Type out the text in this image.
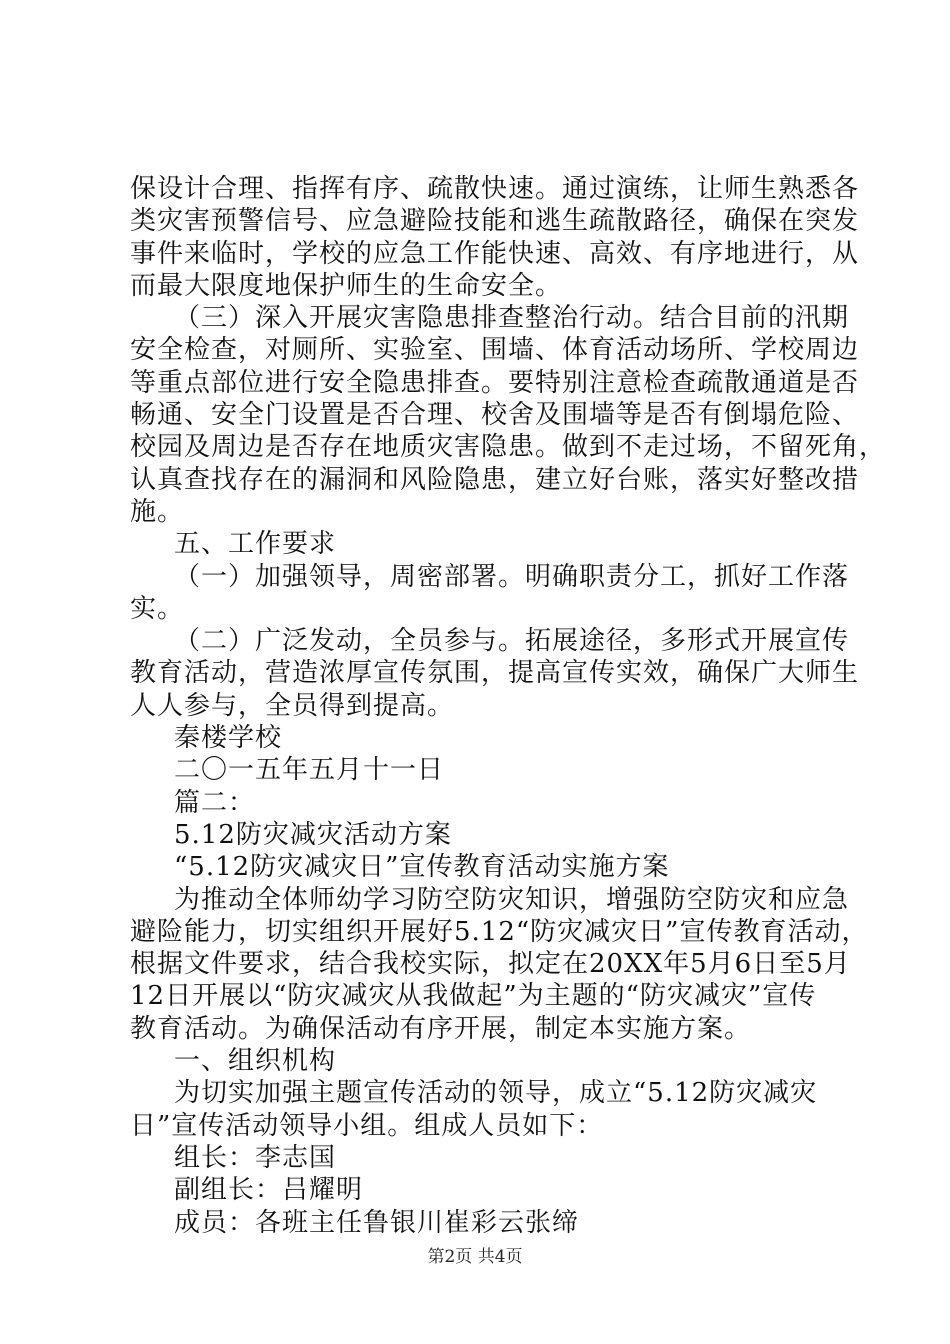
保设计合理、指挥有序、疏散快速。通过演练，让师生熟悉各

类灾害预警信号、应急避险技能和逃生疏散路径，确保在突发

事件来临时，学校的应急工作能快速、高效、有序地进行，从

而最大限度地保护师生的生命安全。

（三）深入开展灾害隐患排查整治行动。结合目前的汛期

安全检查，对厕所、实验室、围墙、体育活动场所、学校周边

等重点部位进行安全隐患排查。要特别注意检查疏散通道是否

畅通、安全门设置是否合理、校舍及围墙等是否有倒塌危险、

校园及周边是否存在地质灾害隐患。做到不走过场，不留死角，

认真查找存在的漏洞和风险隐患，建立好台账，落实好整改措

施。

五、工作要求

（一）加强领导，周密部署。明确职责分工，抓好工作落

实。

（二）广泛发动，全员参与。拓展途径，多形式开展宣传

教育活动，营造浓厚宣传氛围，提高宣传实效，确保广大师生

人人参与，全员得到提高。

秦楼学校

二〇一五年五月十一日

篇二：

5.12防灾减灾活动方案

“5.12防灾减灾日”宣传教育活动实施方案

为推动全体师幼学习防空防灾知识，增强防空防灾和应急

避险能力，切实组织开展好5.12“防灾减灾日”宣传教育活动，

根据文件要求，结合我校实际，拟定在20XX年5月6日至5月

12日开展以“防灾减灾从我做起”为主题的“防灾减灾”宣传

教育活动。为确保活动有序开展，制定本实施方案。

一、组织机构

为切实加强主题宣传活动的领导，成立“5.12防灾减灾

日”宣传活动领导小组。组成人员如下：

组长：李志国

副组长：吕耀明

成员：各班主任鲁银川崔彩云张缔

第2页 共4页
